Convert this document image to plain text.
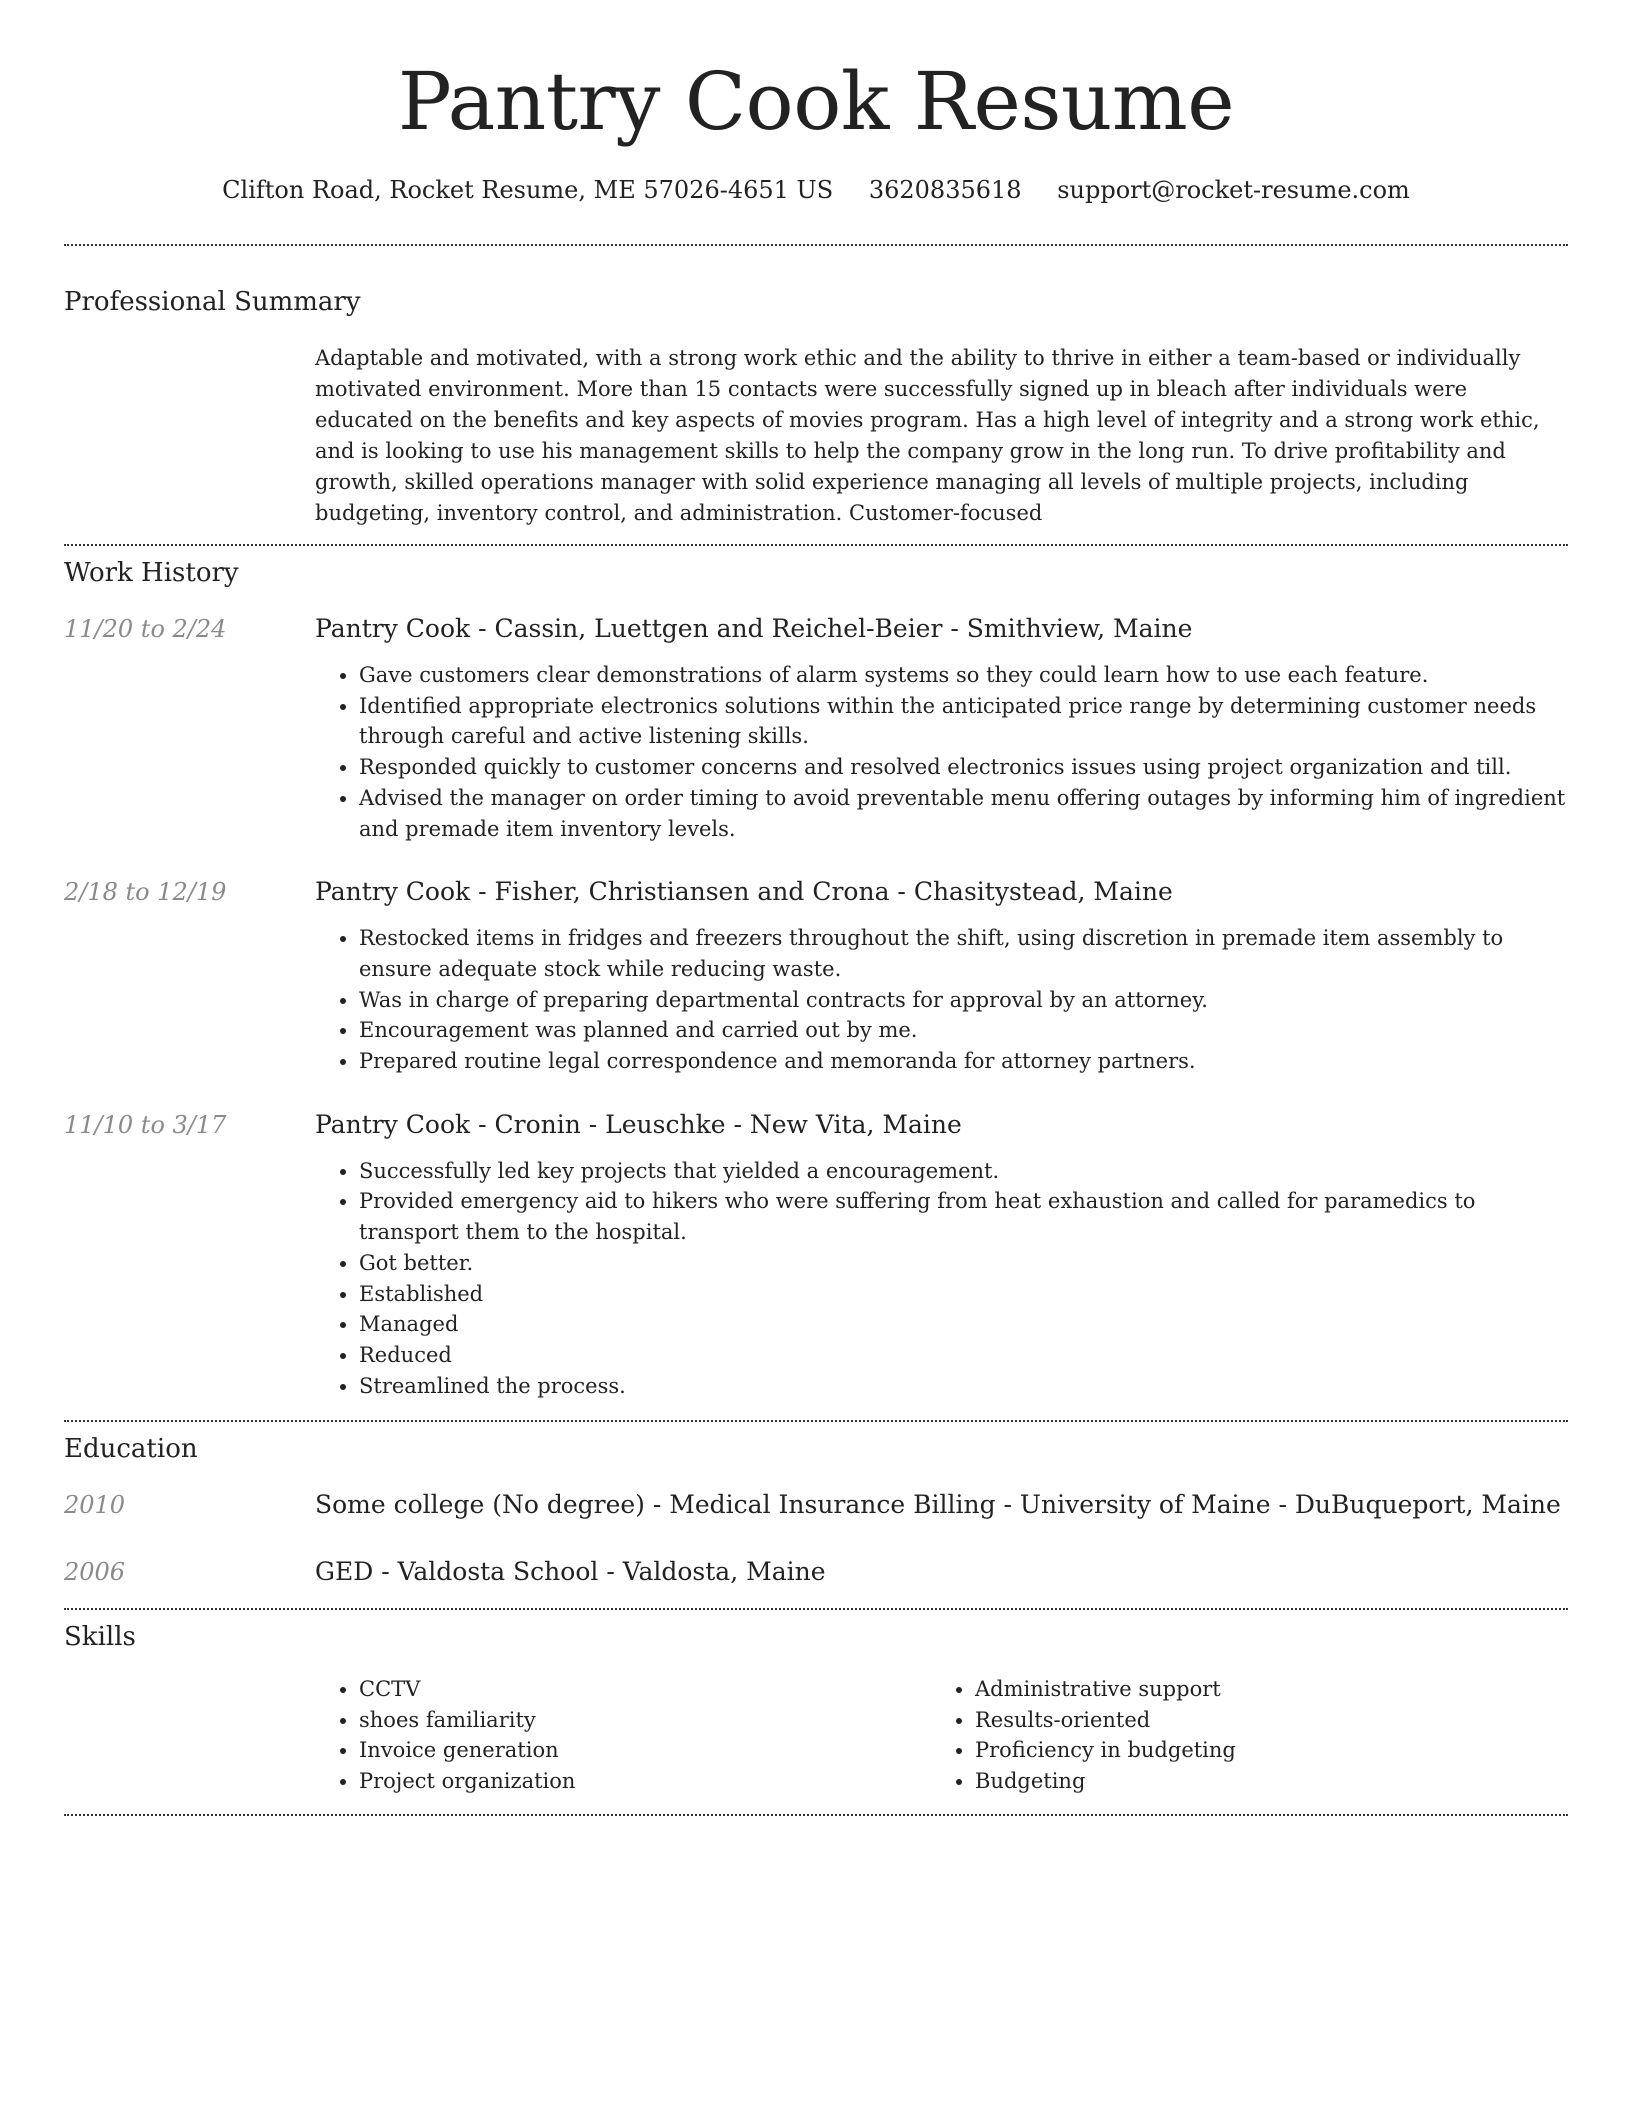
Pantry Cook Resume
Clifton Road, Rocket Resume, ME 57026-4651 US 3620835618 support@rocket-resume.com
Professional Summary
Adaptable and motivated, with a strong work ethic and the ability to thrive in either a team-based or individually motivated environment. More than 15 contacts were successfully signed up in bleach after individuals were educated on the benefits and key aspects of movies program. Has a high level of integrity and a strong work ethic, and is looking to use his management skills to help the company grow in the long run. To drive profitability and growth, skilled operations manager with solid experience managing all levels of multiple projects, including budgeting, inventory control, and administration. Customer-focused
Work History
11/20 to 2/24	Pantry Cook - Cassin, Luettgen and Reichel-Beier - Smithview, Maine
• Gave customers clear demonstrations of alarm systems so they could learn how to use each feature.
• Identified appropriate electronics solutions within the anticipated price range by determining customer needs through careful and active listening skills.
• Responded quickly to customer concerns and resolved electronics issues using project organization and till.
• Advised the manager on order timing to avoid preventable menu offering outages by informing him of ingredient and premade item inventory levels.
2/18 to 12/19	Pantry Cook - Fisher, Christiansen and Crona - Chasitystead, Maine
• Restocked items in fridges and freezers throughout the shift, using discretion in premade item assembly to ensure adequate stock while reducing waste.
• Was in charge of preparing departmental contracts for approval by an attorney.
• Encouragement was planned and carried out by me.
• Prepared routine legal correspondence and memoranda for attorney partners.
11/10 to 3/17	Pantry Cook - Cronin - Leuschke - New Vita, Maine
• Successfully led key projects that yielded a encouragement.
• Provided emergency aid to hikers who were suffering from heat exhaustion and called for paramedics to transport them to the hospital.
• Got better.
• Established
• Managed
• Reduced
• Streamlined the process.
Education
2010	Some college (No degree) - Medical Insurance Billing - University of Maine - DuBuqueport, Maine
2006	GED - Valdosta School - Valdosta, Maine
Skills
• CCTV
• shoes familiarity
• Invoice generation
• Project organization
• Administrative support
• Results-oriented
• Proficiency in budgeting
• Budgeting
